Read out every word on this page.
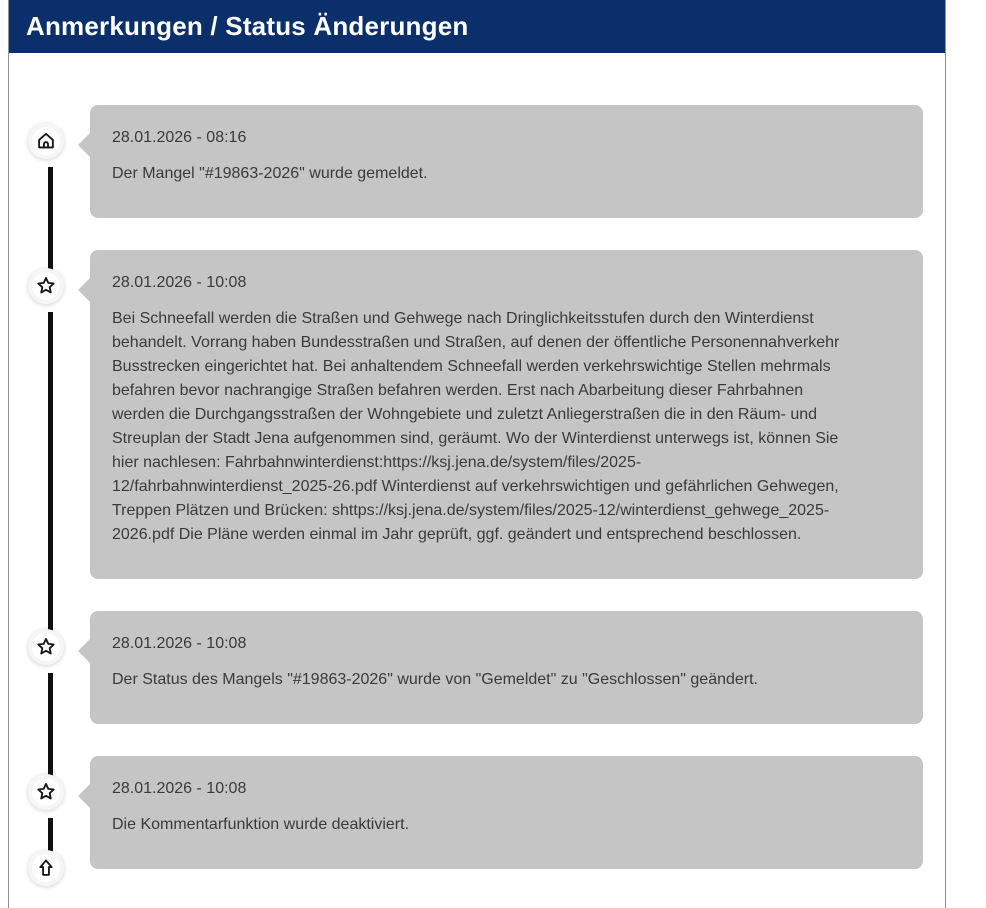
Anmerkungen / Status Änderungen
28.01.2026 - 08:16
Der Mangel "#19863-2026" wurde gemeldet.
28.01.2026 - 10:08
Bei Schneefall werden die Straßen und Gehwege nach Dringlichkeitsstufen durch den Winterdienst behandelt. Vorrang haben Bundesstraßen und Straßen, auf denen der öffentliche Personennahverkehr Busstrecken eingerichtet hat. Bei anhaltendem Schneefall werden verkehrswichtige Stellen mehrmals befahren bevor nachrangige Straßen befahren werden. Erst nach Abarbeitung dieser Fahrbahnen werden die Durchgangsstraßen der Wohngebiete und zuletzt Anliegerstraßen die in den Räum- und Streuplan der Stadt Jena aufgenommen sind, geräumt. Wo der Winterdienst unterwegs ist, können Sie hier nachlesen: Fahrbahnwinterdienst:https://ksj.jena.de/system/files/2025-12/fahrbahnwinterdienst_2025-26.pdf Winterdienst auf verkehrswichtigen und gefährlichen Gehwegen, Treppen Plätzen und Brücken: shttps://ksj.jena.de/system/files/2025-12/winterdienst_gehwege_2025-2026.pdf Die Pläne werden einmal im Jahr geprüft, ggf. geändert und entsprechend beschlossen.
28.01.2026 - 10:08
Der Status des Mangels "#19863-2026" wurde von "Gemeldet" zu "Geschlossen" geändert.
28.01.2026 - 10:08
Die Kommentarfunktion wurde deaktiviert.
